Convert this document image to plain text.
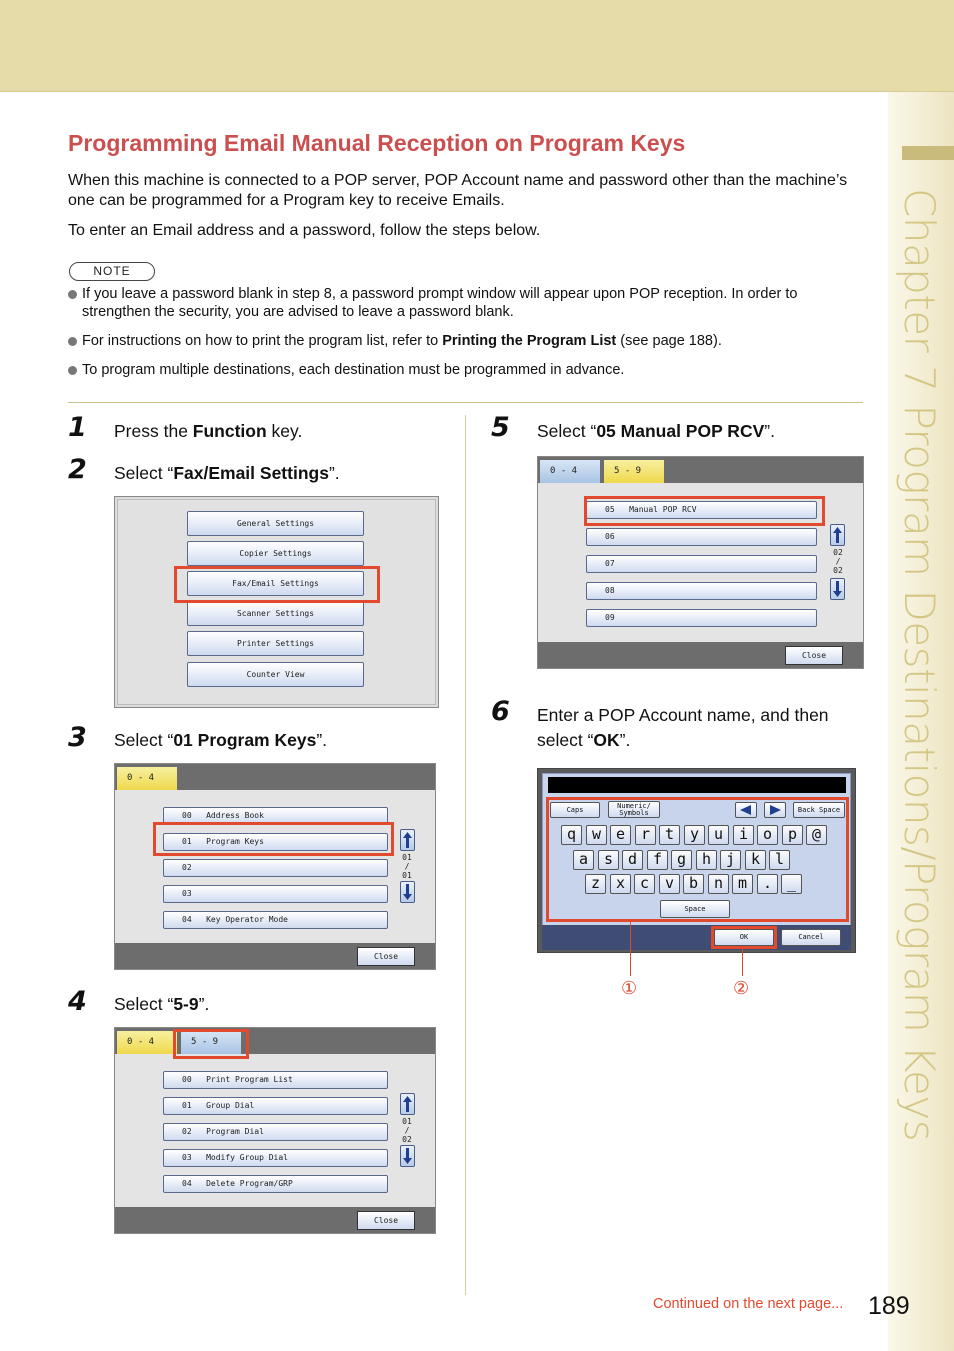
Chapter 7 Program Destinations/Program Keys
Programming Email Manual Reception on Program Keys
When this machine is connected to a POP server, POP Account name and password other than the machine’s one can be programmed for a Program key to receive Emails.
To enter an Email address and a password, follow the steps below.
NOTE
If you leave a password blank in step 8, a password prompt window will appear upon POP reception. In order to strengthen the security, you are advised to leave a password blank.
For instructions on how to print the program list, refer to Printing the Program List (see page 188).
To program multiple destinations, each destination must be programmed in advance.
1 Press the Function key.
2 Select “Fax/Email Settings”.
General Settings
Copier Settings
Fax/Email Settings
Scanner Settings
Printer Settings
Counter View
3 Select “01 Program Keys”.
0 - 4
00 Address Book
01 Program Keys
02
03
04 Key Operator Mode
01
/
01
Close
4 Select “5-9”.
0 - 4	5 - 9
00 Print Program List
01 Group Dial
02 Program Dial
03 Modify Group Dial
04 Delete Program/GRP
01
/
02
Close
5 Select “05 Manual POP RCV”.
0 - 4	5 - 9
05 Manual POP RCV
06
07
08
09
02
/
02
Close
6 Enter a POP Account name, and then select “OK”.
Caps	Numeric/ Symbols	Back Space
q	w e	r t	y u	i o	p @
a	s d	f g	h j	k l
z	x c	v b	n m	. _
Space
OK	Cancel
①	②
Continued on the next page... 189
